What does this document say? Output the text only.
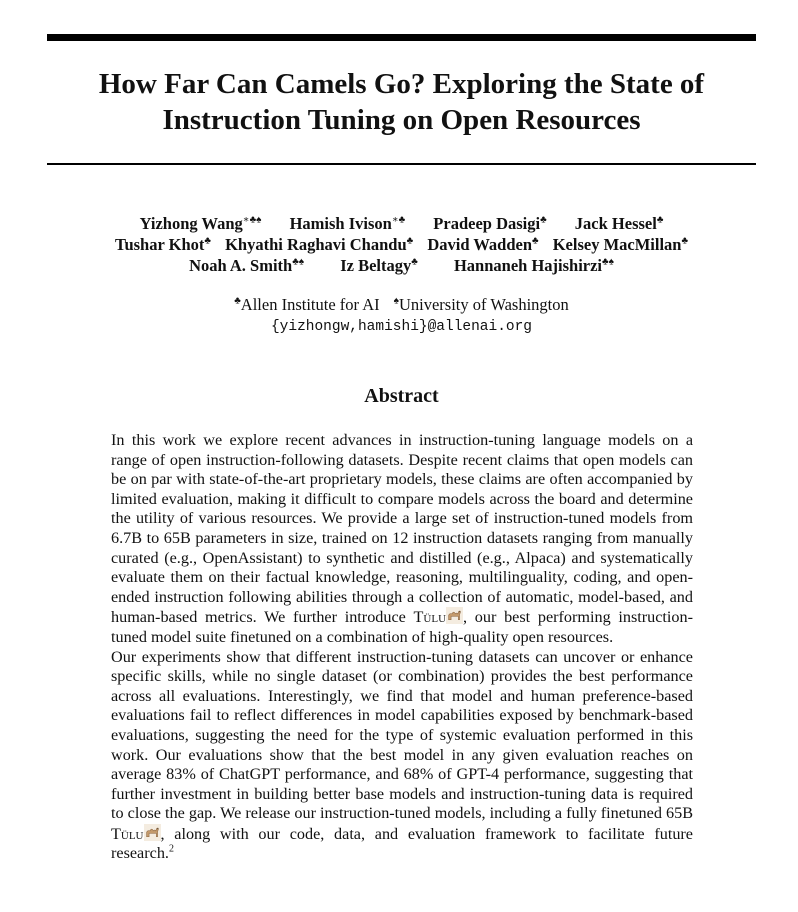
How Far Can Camels Go? Exploring the State of Instruction Tuning on Open Resources
Yizhong Wang∗♣♠ Hamish Ivison∗♣ Pradeep Dasigi♣ Jack Hessel♣
Tushar Khot♣ Khyathi Raghavi Chandu♣ David Wadden♣ Kelsey MacMillan♣
Noah A. Smith♣♠ Iz Beltagy♣ Hannaneh Hajishirzi♣♠
♣Allen Institute for AI ♠University of Washington
{yizhongw,hamishi}@allenai.org
Abstract

In this work we explore recent advances in instruction-tuning language models on a range of open instruction-following datasets. Despite recent claims that open models can be on par with state-of-the-art proprietary models, these claims are often accompanied by limited evaluation, making it difficult to compare models across the board and determine the utility of various resources. We provide a large set of instruction-tuned models from 6.7B to 65B parameters in size, trained on 12 instruction datasets ranging from manually curated (e.g., OpenAssistant) to synthetic and distilled (e.g., Alpaca) and systematically evaluate them on their factual knowledge, reasoning, multilinguality, coding, and open-ended instruction following abilities through a collection of automatic, model-based, and human-based metrics. We further introduce Tülu , our best performing instruction-tuned model suite finetuned on a combination of high-quality open resources.

Our experiments show that different instruction-tuning datasets can uncover or enhance specific skills, while no single dataset (or combination) provides the best performance across all evaluations. Interestingly, we find that model and human preference-based evaluations fail to reflect differences in model capabilities exposed by benchmark-based evaluations, suggesting the need for the type of systemic evaluation performed in this work. Our evaluations show that the best model in any given evaluation reaches on average 83% of ChatGPT performance, and 68% of GPT-4 performance, suggesting that further investment in building better base models and instruction-tuning data is required to close the gap. We release our instruction-tuned models, including a fully finetuned 65B Tülu , along with our code, data, and evaluation framework to facilitate future research.$^2$
